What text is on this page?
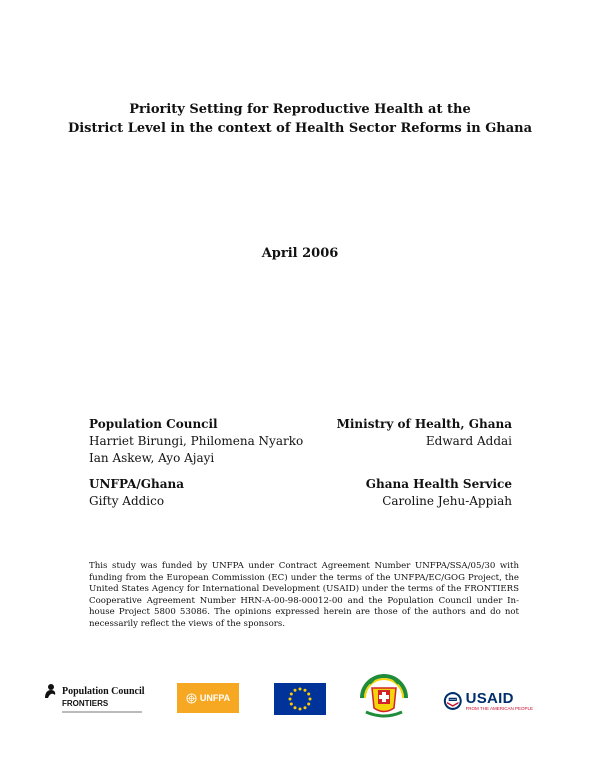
Priority Setting for Reproductive Health at the
District Level in the context of Health Sector Reforms in Ghana
April 2006
Population Council
Harriet Birungi, Philomena Nyarko
Ian Askew, Ayo Ajayi
Ministry of Health, Ghana
Edward Addai
UNFPA/Ghana
Gifty Addico
Ghana Health Service
Caroline Jehu-Appiah
This study was funded by UNFPA under Contract Agreement Number UNFPA/SSA/05/30 with funding from the European Commission (EC) under the terms of the UNFPA/EC/GOG Project, the United States Agency for International Development (USAID) under the terms of the FRONTIERS Cooperative Agreement Number HRN-A-00-98-00012-00 and the Population Council under In-house Project 5800 53086. The opinions expressed herein are those of the authors and do not necessarily reflect the views of the sponsors.
Population Council
FRONTIERS
UNFPA	USAID
FROM THE AMERICAN PEOPLE
